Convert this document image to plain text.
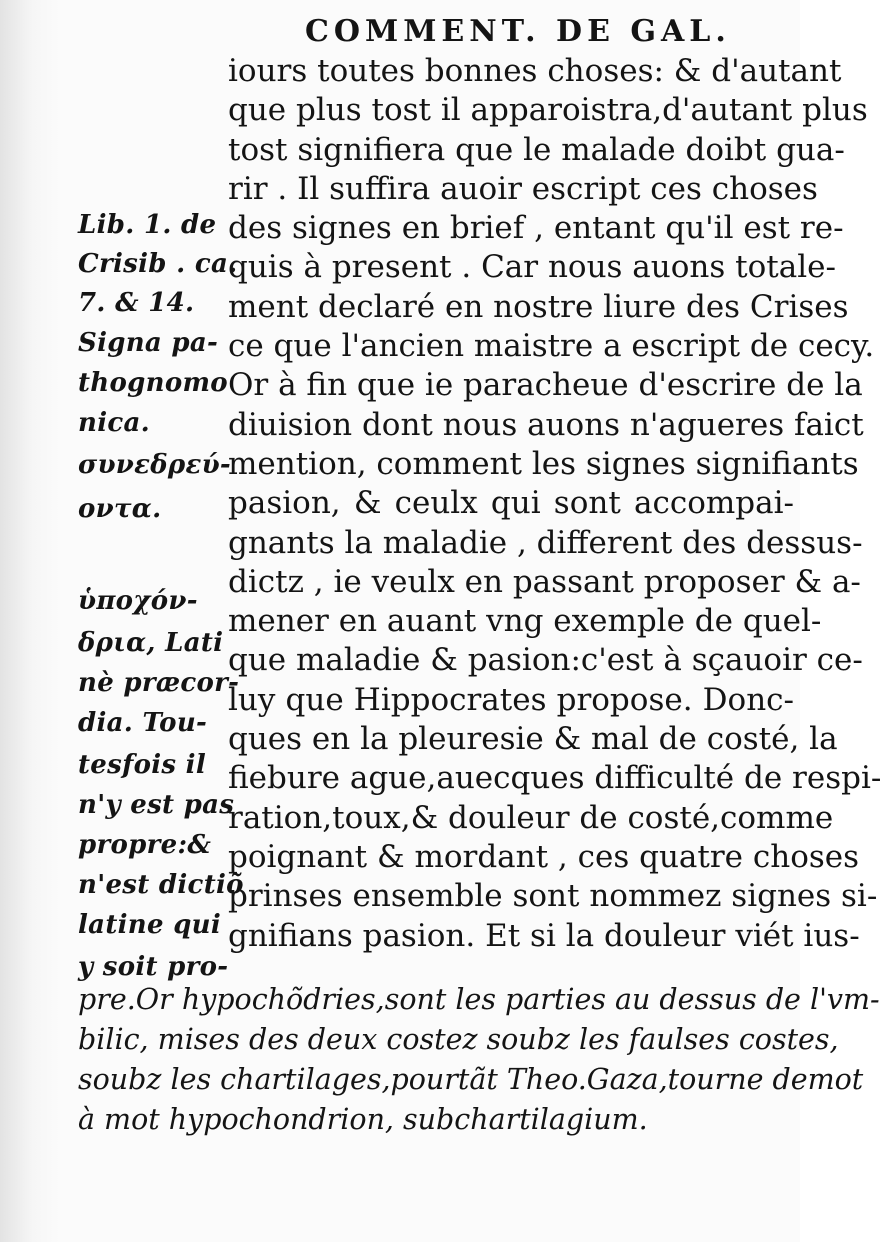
COMMENT. DE GAL.
iours toutes bonnes choses: & d'autant
que plus tost il apparoistra,d'autant plus
tost signifiera que le malade doibt gua-
rir . Il suffira auoir escript ces choses
des signes en brief , entant qu'il est re-
quis à present . Car nous auons totale-
ment declaré en nostre liure des Crises
ce que l'ancien maistre a escript de cecy.
Or à fin que ie paracheue d'escrire de la
diuision dont nous auons n'agueres faict
mention, comment les signes signifiants
pasion, & ceulx qui sont accompai-
gnants la maladie , different des dessus-
dictz , ie veulx en passant proposer & a-
mener en auant vng exemple de quel-
que maladie & pasion:c'est à sçauoir ce-
luy que Hippocrates propose. Donc-
ques en la pleuresie & mal de costé, la
fiebure ague,auecques difficulté de respi-
ration,toux,& douleur de costé,comme
poignant & mordant , ces quatre choses
prinses ensemble sont nommez signes si-
gnifians pasion. Et si la douleur viét ius-
Lib. 1. de
Crisib . ca.
7. & 14.
Signa pa-
thognomo
nica.
συνεδρεύ-
οντα.
ὑποχόν-
δρια, Lati
nè præcor-
dia. Tou-
tesfois il
n'y est pas
propre:&
n'est dictiõ
latine qui
y soit pro-
pre.Or hypochõdries,sont les parties au dessus de l'vm-
bilic, mises des deux costez soubz les faulses costes,
soubz les chartilages,pourtãt Theo.Gaza,tourne demot
à mot hypochondrion, subchartilagium.
